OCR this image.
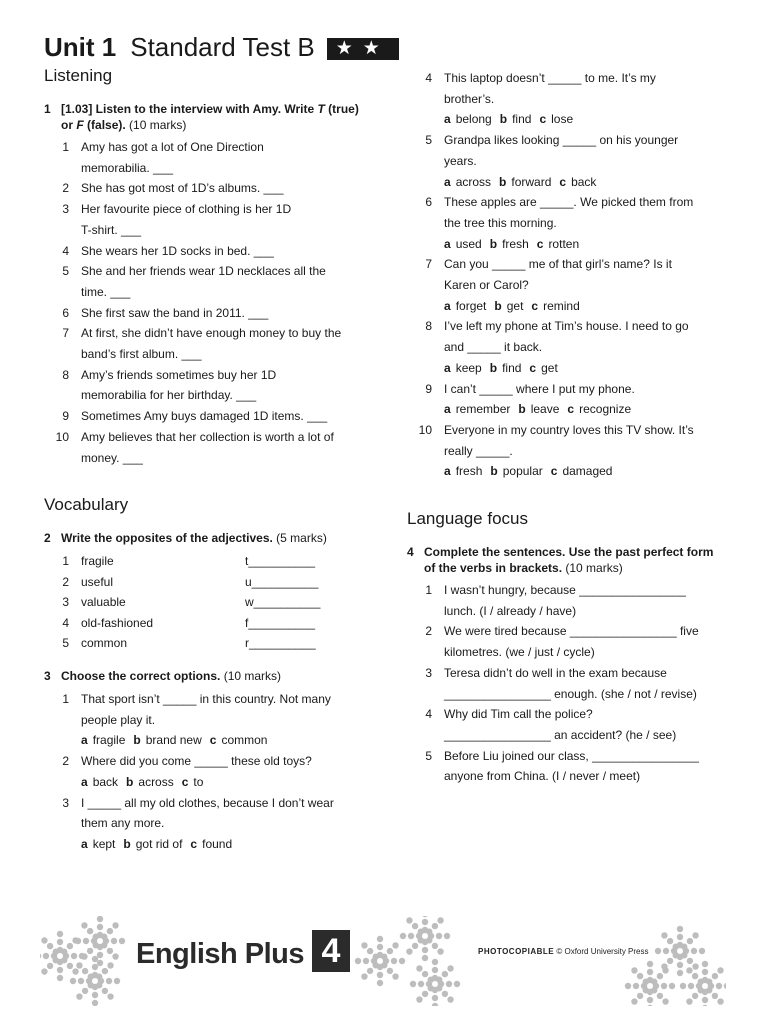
Unit 1 Standard Test B	★★
Listening
1 [1.03] Listen to the interview with Amy. Write T (true) or F (false). (10 marks)
1 Amy has got a lot of One Direction
memorabilia. ___
2 She has got most of 1D’s albums. ___
3 Her favourite piece of clothing is her 1D
T-shirt. ___
4 She wears her 1D socks in bed. ___
5 She and her friends wear 1D necklaces all the
time. ___
6 She first saw the band in 2011. ___
7 At first, she didn’t have enough money to buy the
band’s first album. ___
8 Amy’s friends sometimes buy her 1D
memorabilia for her birthday. ___
9 Sometimes Amy buys damaged 1D items. ___
10 Amy believes that her collection is worth a lot of
money. ___
Vocabulary
2 Write the opposites of the adjectives. (5 marks)
1 fragile	t__________
2 useful	u__________
3 valuable	w__________
4 old-fashioned	f__________
5 common	r__________
3 Choose the correct options. (10 marks)
1 That sport isn’t _____ in this country. Not many
people play it.
a fragile b brand new c common
2 Where did you come _____ these old toys?
a back b across c to
3 I _____ all my old clothes, because I don’t wear
them any more.
a kept b got rid of c found
4 This laptop doesn’t _____ to me. It’s my
brother’s.
a belong b find c lose
5 Grandpa likes looking _____ on his younger
years.
a across b forward c back
6 These apples are _____. We picked them from
the tree this morning.
a used b fresh c rotten
7 Can you _____ me of that girl’s name? Is it
Karen or Carol?
a forget b get c remind
8 I’ve left my phone at Tim’s house. I need to go
and _____ it back.
a keep b find c get
9 I can’t _____ where I put my phone.
a remember b leave c recognize
10 Everyone in my country loves this TV show. It’s
really _____.
a fresh b popular c damaged
Language focus
4 Complete the sentences. Use the past perfect form of the verbs in brackets. (10 marks)
1 I wasn’t hungry, because ________________
lunch. (I / already / have)
2 We were tired because ________________ five
kilometres. (we / just / cycle)
3 Teresa didn’t do well in the exam because
________________ enough. (she / not / revise)
4 Why did Tim call the police?
________________ an accident? (he / see)
5 Before Liu joined our class, ________________
anyone from China. (I / never / meet)
English Plus 4	PHOTOCOPIABLE © Oxford University Press
